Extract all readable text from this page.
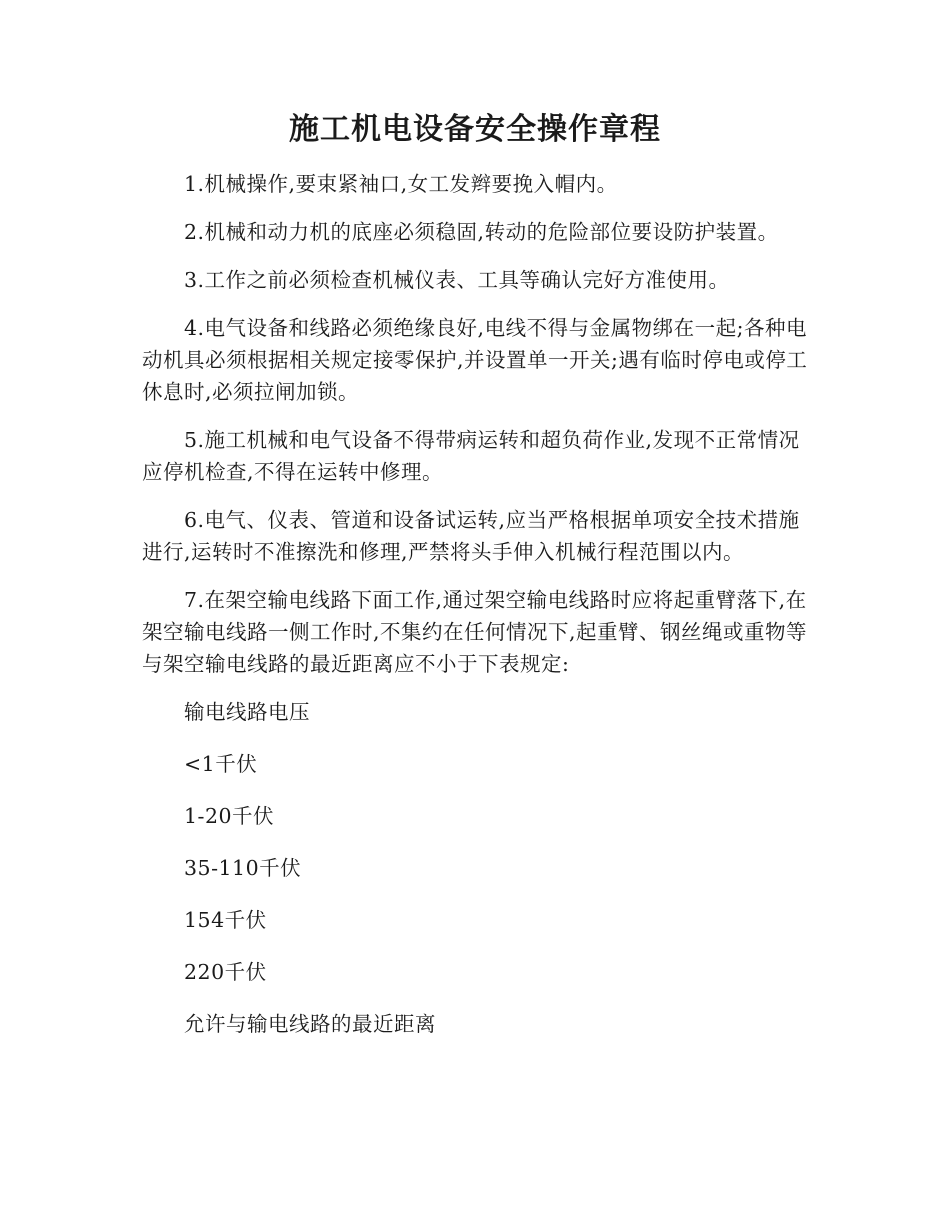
施工机电设备安全操作章程

1.机械操作,要束紧袖口,女工发辫要挽入帽内。

2.机械和动力机的底座必须稳固,转动的危险部位要设防护装置。

3.工作之前必须检查机械仪表、工具等确认完好方准使用。

4.电气设备和线路必须绝缘良好,电线不得与金属物绑在一起;各种电动机具必须根据相关规定接零保护,并设置单一开关;遇有临时停电或停工休息时,必须拉闸加锁。

5.施工机械和电气设备不得带病运转和超负荷作业,发现不正常情况应停机检查,不得在运转中修理。

6.电气、仪表、管道和设备试运转,应当严格根据单项安全技术措施进行,运转时不准擦洗和修理,严禁将头手伸入机械行程范围以内。

7.在架空输电线路下面工作,通过架空输电线路时应将起重臂落下,在架空输电线路一侧工作时,不集约在任何情况下,起重臂、钢丝绳或重物等与架空输电线路的最近距离应不小于下表规定:

输电线路电压

<1千伏

1-20千伏

35-110千伏

154千伏

220千伏

允许与输电线路的最近距离
